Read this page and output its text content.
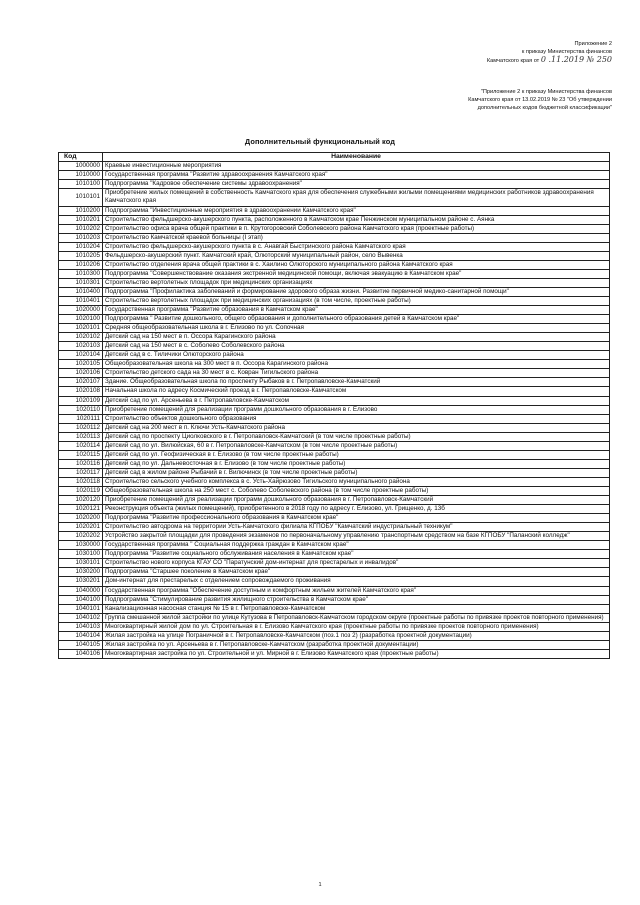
Приложение 2
к приказу Министерства финансов
Камчатского края от 0 .11.2019 № 250
"Приложение 2 к приказу Министерства финансов
Камчатского края от 13.02.2019 № 23 "Об утверждении
дополнительных кодов бюджетной классификации"
Дополнительный функциональный код
Код	Наименование
1000000	Краевые инвестиционные мероприятия
1010000	Государственная программа "Развитие здравоохранения Камчатского края"
1010100	Подпрограмма "Кадровое обеспечение системы здравоохранения"
1010101	Приобретение жилых помещений в собственность Камчатского края для обеспечения служебными жилыми помещениями медицинских работников здравоохранения Камчатского края
1010200	Подпрограмма "Инвестиционные мероприятия в здравоохранении Камчатского края"
1010201	Строительство фельдшерско-акушерского пункта, расположенного в Камчатском крае Пенжинском муниципальном районе с. Аянка
1010202	Строительство офиса врача общей практики в п. Крутогоровский Соболевского района Камчатского края (проектные работы)
1010203	Строительство Камчатской краевой больницы (I этап)
1010204	Строительство фельдшерско-акушерского пункта в с. Анавгай Быстринского района Камчатского края
1010205	Фельдшерско-акушерский пункт. Камчатский край, Олюторский муниципальный район, село Вывенка
1010206	Строительство отделения врача общей практики в с. Хаилино Олюторского муниципального района Камчатского края
1010300	Подпрограмма "Совершенствование оказания экстренной медицинской помощи, включая эвакуацию в Камчатском крае"
1010301	Строительство вертолетных площадок при медицинских организациях
1010400	Подпрограмма "Профилактика заболеваний и формирование здорового образа жизни. Развитие первичной медико-санитарной помощи"
1010401	Строительство вертолетных площадок при медицинских организациях (в том числе, проектные работы)
1020000	Государственная программа "Развитие образования в Камчатском крае"
1020100	Подпрограмма " Развитие дошкольного, общего образования и дополнительного образования детей в Камчатском крае"
1020101	Средняя общеобразовательная школа в г. Елизово по ул. Сопочная
1020102	Детский сад на 150 мест в п. Оссора Карагинского района
1020103	Детский сад на 150 мест в с. Соболево Соболевского района
1020104	Детский сад в с. Тиличики Олюторского района
1020105	Общеобразовательная школа на 300 мест в п. Оссора Карагинского района
1020106	Строительство детского сада на 30 мест в с. Ковран Тигильского района
1020107	Здание. Общеобразовательная школа по проспекту Рыбаков в г. Петропавловске-Камчатский
1020108	Начальная школа по адресу Космический проезд в г. Петропавловске-Камчатском
1020109	Детский сад по ул. Арсеньева в г. Петропавловске-Камчатском
1020110	Приобретение помещений для реализации программ дошкольного образования в г. Елизово
1020111	Строительство объектов дошкольного образования
1020112	Детский сад на 200 мест в п. Ключи Усть-Камчатского района
1020113	Детский сад по проспекту Циолковского в г. Петропавловск-Камчатский (в том числе проектные работы)
1020114	Детский сад по ул. Вилюйская, 60 в г. Петропавловске-Камчатском (в том числе проектные работы)
1020115	Детский сад по ул. Геофизическая в г. Елизово (в том числе проектные работы)
1020116	Детский сад по ул. Дальневосточная в г. Елизово (в том числе проектные работы)
1020117	Детский сад в жилом районе Рыбачий в г. Вилючинск (в том числе проектные работы)
1020118	Строительство сельского учебного комплекса в с. Усть-Хайрюзово Тигильского муниципального района
1020119	Общеобразовательная школа на 250 мест с. Соболево Соболевского района (в том числе проектные работы)
1020120	Приобретение помещений для реализации программ дошкольного образования в г. Петропавловск-Камчатский
1020121	Реконструкция объекта (жилых помещений), приобретенного в 2018 году по адресу г. Елизово, ул. Грищенко, д. 13б
1020200	Подпрограмма "Развитие профессионального образования в Камчатском крае"
1020201	Строительство автодрома на территории Усть-Камчатского филиала КГПОБУ "Камчатский индустриальный техникум"
1020202	Устройство закрытой площадки для проведения экзаменов по первоначальному управлению транспортным средством на базе КГПОБУ "Паланский колледж"
1030000	Государственная программа " Социальная поддержка граждан в Камчатском крае"
1030100	Подпрограмма "Развитие социального обслуживания населения в Камчатском крае"
1030101	Строительство нового корпуса КГАУ СО "Паратунский дом-интернат для престарелых и инвалидов"
1030200	Подпрограмма "Старшее поколение в Камчатском крае"
1030201	Дом-интернат для престарелых с отделением сопровождаемого проживания
1040000	Государственная программа "Обеспечение доступным и комфортным жильем жителей Камчатского края"
1040100	Подпрограмма "Стимулирование развития жилищного строительства в Камчатском крае"
1040101	Канализационная насосная станция № 15 в г. Петропавловске-Камчатском
1040102	Группа смешанной жилой застройки по улице Кутузова в Петропавловск-Камчатском городском округе (проектные работы по привязке проектов повторного применения)
1040103	Многоквартирный жилой дом по ул. Строительная в г. Елизово Камчатского края (проектные работы по привязке проектов повторного применения)
1040104	Жилая застройка на улице Пограничной в г. Петропавловске-Камчатском (поз.1 поз 2) (разработка проектной документации)
1040105	Жилая застройка по ул. Арсеньева в г. Петропавловске-Камчатском (разработка проектной документации)
1040106	Многоквартирная застройка по ул. Строительной и ул. Мирной в г. Елизово Камчатского края (проектные работы)
1
